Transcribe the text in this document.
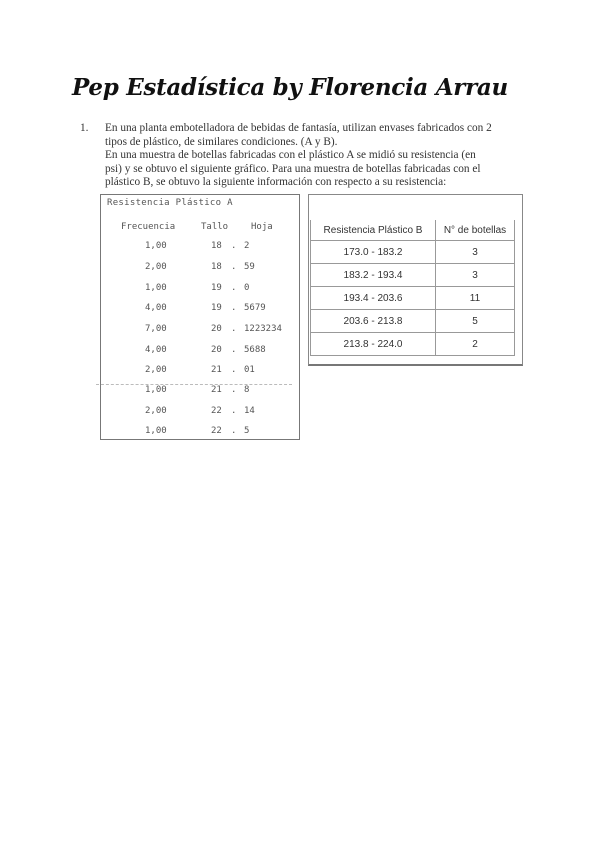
Pep Estadística by Florencia Arrau
1. En una planta embotelladora de bebidas de fantasía, utilizan envases fabricados con 2
tipos de plástico, de similares condiciones. (A y B).
En una muestra de botellas fabricadas con el plástico A se midió su resistencia (en
psi) y se obtuvo el siguiente gráfico. Para una muestra de botellas fabricadas con el
plástico B, se obtuvo la siguiente información con respecto a su resistencia:
Resistencia Plástico A
Frecuencia	Tallo	Hoja
1,00	18 . 2
2,00	18 . 59
1,00	19 . 0
4,00	19 . 5679
7,00	20 . 1223234
4,00	20 . 5688
2,00	21 . 01
1,00	21 . 8
2,00	22 . 14
1,00	22 . 5
Resistencia Plástico B	N° de botellas
173.0 - 183.2	3
183.2 - 193.4	3
193.4 - 203.6	11
203.6 - 213.8	5
213.8 - 224.0	2
